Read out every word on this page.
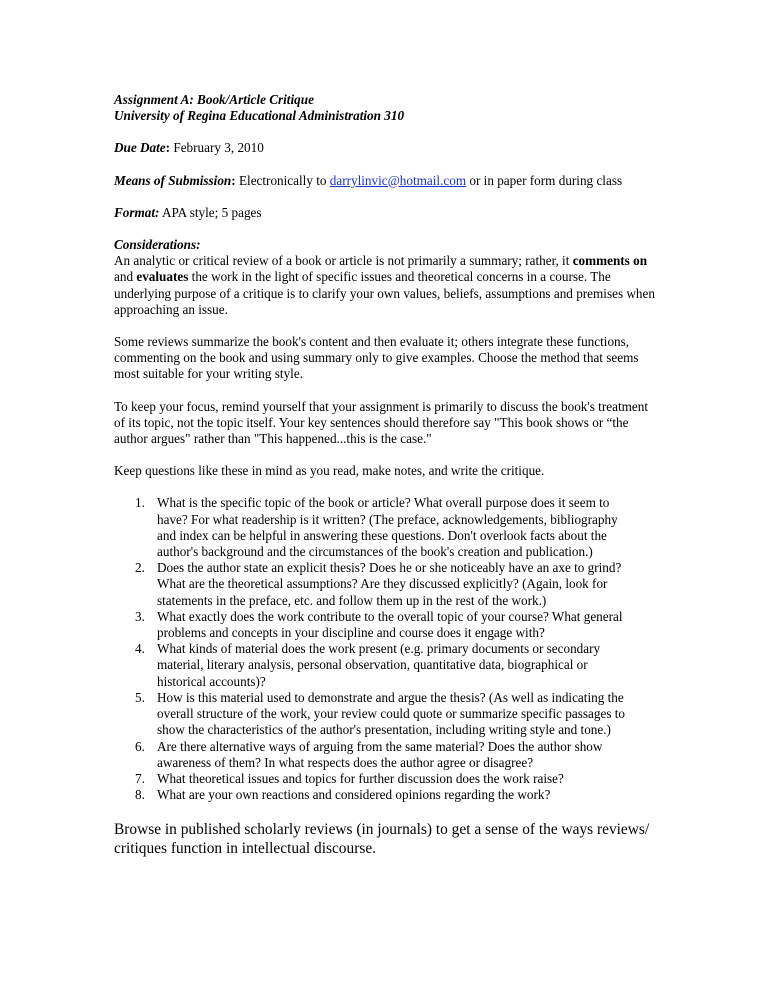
Assignment A: Book/Article Critique

University of Regina Educational Administration 310

Due Date: February 3, 2010

Means of Submission: Electronically to darrylinvic@hotmail.com or in paper form during class

Format: APA style; 5 pages

Considerations:

An analytic or critical review of a book or article is not primarily a summary; rather, it comments on and evaluates the work in the light of specific issues and theoretical concerns in a course. The underlying purpose of a critique is to clarify your own values, beliefs, assumptions and premises when approaching an issue.

Some reviews summarize the book's content and then evaluate it; others integrate these functions, commenting on the book and using summary only to give examples. Choose the method that seems most suitable for your writing style.

To keep your focus, remind yourself that your assignment is primarily to discuss the book's treatment of its topic, not the topic itself. Your key sentences should therefore say "This book shows or “the author argues" rather than "This happened...this is the case."

Keep questions like these in mind as you read, make notes, and write the critique.

1. What is the specific topic of the book or article? What overall purpose does it seem to
have? For what readership is it written? (The preface, acknowledgements, bibliography
and index can be helpful in answering these questions. Don't overlook facts about the
author's background and the circumstances of the book's creation and publication.)
2. Does the author state an explicit thesis? Does he or she noticeably have an axe to grind?
What are the theoretical assumptions? Are they discussed explicitly? (Again, look for
statements in the preface, etc. and follow them up in the rest of the work.)
3. What exactly does the work contribute to the overall topic of your course? What general
problems and concepts in your discipline and course does it engage with?
4. What kinds of material does the work present (e.g. primary documents or secondary
material, literary analysis, personal observation, quantitative data, biographical or
historical accounts)?
5. How is this material used to demonstrate and argue the thesis? (As well as indicating the
overall structure of the work, your review could quote or summarize specific passages to
show the characteristics of the author's presentation, including writing style and tone.)
6. Are there alternative ways of arguing from the same material? Does the author show
awareness of them? In what respects does the author agree or disagree?
7. What theoretical issues and topics for further discussion does the work raise?
8. What are your own reactions and considered opinions regarding the work?

Browse in published scholarly reviews (in journals) to get a sense of the ways reviews/

critiques function in intellectual discourse.
